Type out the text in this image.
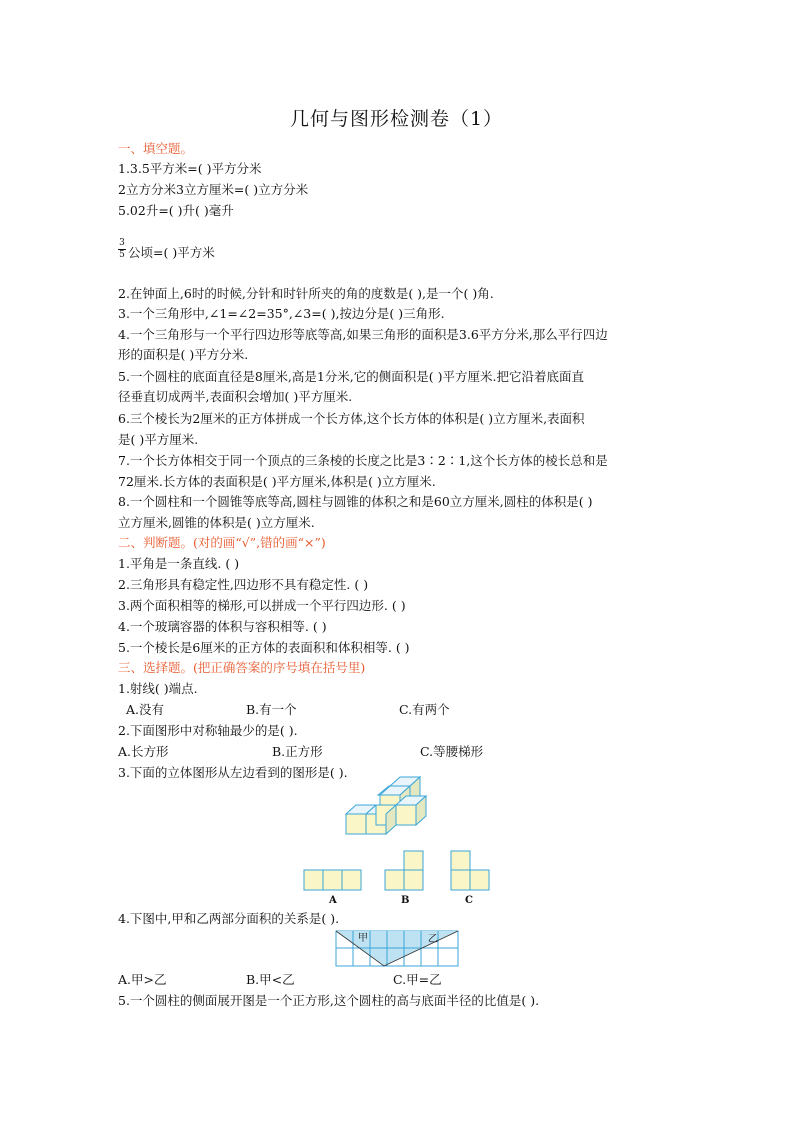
几何与图形检测卷（1）
一、填空题。
1.3.5平方米=( )平方分米
2立方分米3立方厘米=( )立方分米
5.02升=( )升( )毫升
3
5 公顷=( )平方米
2.在钟面上,6时的时候,分针和时针所夹的角的度数是( ),是一个( )角.
3.一个三角形中,∠1=∠2=35°,∠3=( ),按边分是( )三角形.
4.一个三角形与一个平行四边形等底等高,如果三角形的面积是3.6平方分米,那么平行四边
形的面积是( )平方分米.
5.一个圆柱的底面直径是8厘米,高是1分米,它的侧面积是( )平方厘米.把它沿着底面直
径垂直切成两半,表面积会增加( )平方厘米.
6.三个棱长为2厘米的正方体拼成一个长方体,这个长方体的体积是( )立方厘米,表面积
是( )平方厘米.
7.一个长方体相交于同一个顶点的三条棱的长度之比是3∶2∶1,这个长方体的棱长总和是
72厘米.长方体的表面积是( )平方厘米,体积是( )立方厘米.
8.一个圆柱和一个圆锥等底等高,圆柱与圆锥的体积之和是60立方厘米,圆柱的体积是( )
立方厘米,圆锥的体积是( )立方厘米.
二、判断题。(对的画“√”,错的画“×”)
1.平角是一条直线. ( )
2.三角形具有稳定性,四边形不具有稳定性. ( )
3.两个面积相等的梯形,可以拼成一个平行四边形. ( )
4.一个玻璃容器的体积与容积相等. ( )
5.一个棱长是6厘米的正方体的表面积和体积相等. ( )
三、选择题。(把正确答案的序号填在括号里)
1.射线( )端点.
A.没有	B.有一个	C.有两个
2.下面图形中对称轴最少的是( ).
A.长方形	B.正方形	C.等腰梯形
3.下面的立体图形从左边看到的图形是( ).
A	B	C
4.下图中,甲和乙两部分面积的关系是( ).
甲	乙
A.甲>乙	B.甲<乙	C.甲=乙
5.一个圆柱的侧面展开图是一个正方形,这个圆柱的高与底面半径的比值是( ).
